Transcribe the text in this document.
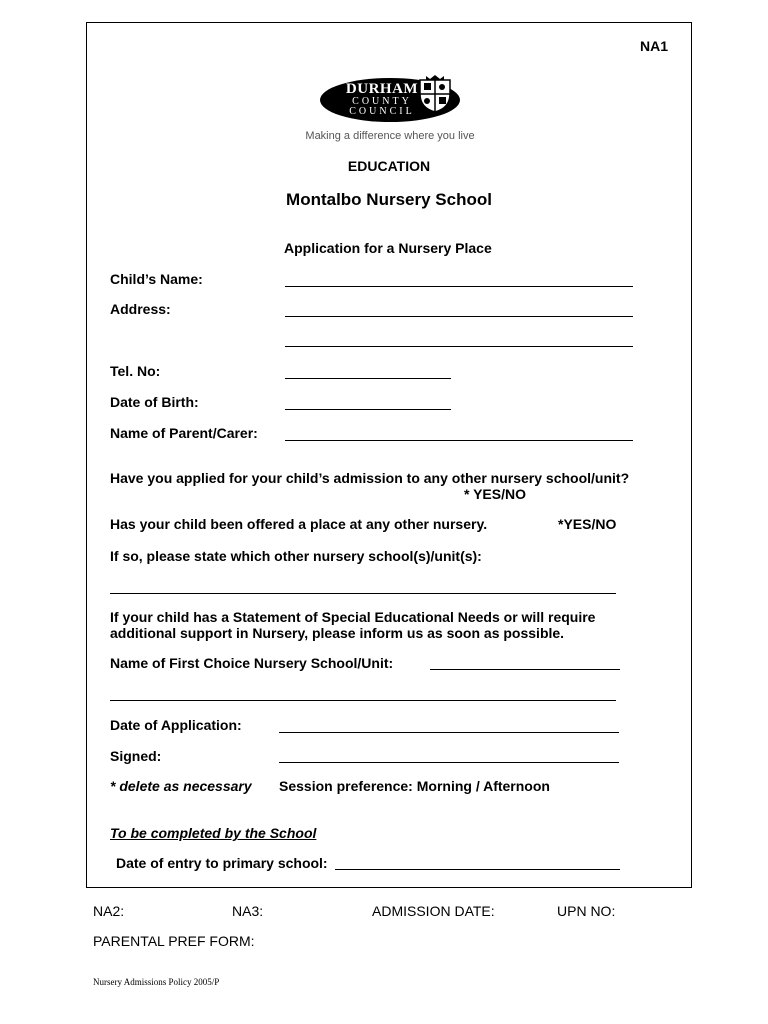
NA1
DURHAM
COUNTY
COUNCIL
Making a difference where you live
EDUCATION
Montalbo Nursery School
Application for a Nursery Place
Child’s Name:
Address:
Tel. No:
Date of Birth:
Name of Parent/Carer:
Have you applied for your child’s admission to any other nursery school/unit?
* YES/NO
Has your child been offered a place at any other nursery.	*YES/NO
If so, please state which other nursery school(s)/unit(s):
If your child has a Statement of Special Educational Needs or will require
additional support in Nursery, please inform us as soon as possible.
Name of First Choice Nursery School/Unit:
Date of Application:
Signed:
* delete as necessary Session preference: Morning / Afternoon
To be completed by the School
Date of entry to primary school:
NA2:	NA3:	ADMISSION DATE:	UPN NO:
PARENTAL PREF FORM:
Nursery Admissions Policy 2005/P
